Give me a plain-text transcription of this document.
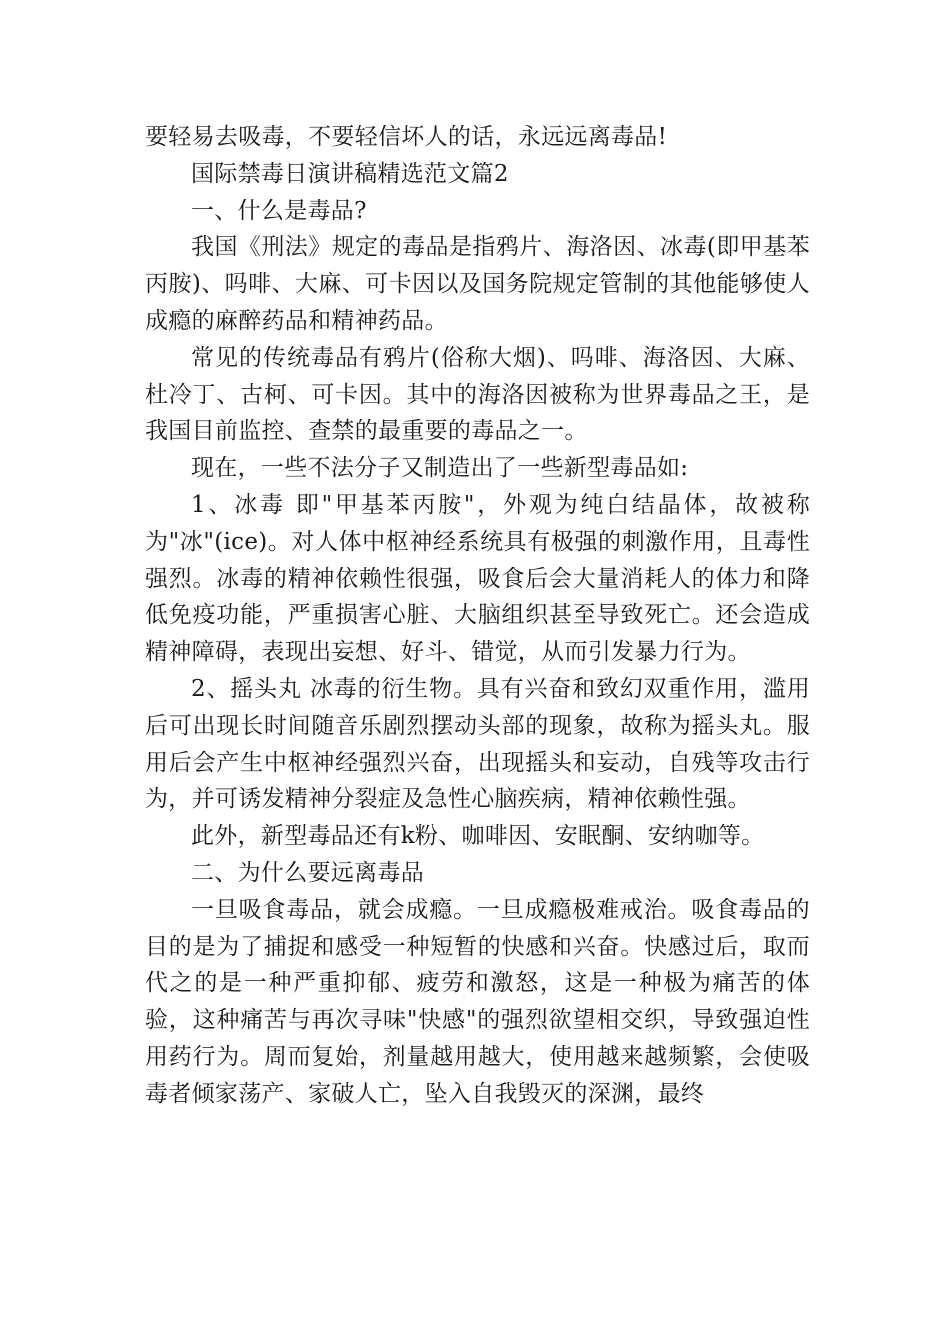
要轻易去吸毒，不要轻信坏人的话，永远远离毒品!

国际禁毒日演讲稿精选范文篇2

一、什么是毒品?

我国《刑法》规定的毒品是指鸦片、海洛因、冰毒(即甲基苯丙胺)、吗啡、大麻、可卡因以及国务院规定管制的其他能够使人成瘾的麻醉药品和精神药品。

常见的传统毒品有鸦片(俗称大烟)、吗啡、海洛因、大麻、杜冷丁、古柯、可卡因。其中的海洛因被称为世界毒品之王，是我国目前监控、查禁的最重要的毒品之一。

现在，一些不法分子又制造出了一些新型毒品如:

1、冰毒 即"甲基苯丙胺"，外观为纯白结晶体，故被称为"冰"(ice)。对人体中枢神经系统具有极强的刺激作用，且毒性强烈。冰毒的精神依赖性很强，吸食后会大量消耗人的体力和降低免疫功能，严重损害心脏、大脑组织甚至导致死亡。还会造成精神障碍，表现出妄想、好斗、错觉，从而引发暴力行为。

2、摇头丸 冰毒的衍生物。具有兴奋和致幻双重作用，滥用后可出现长时间随音乐剧烈摆动头部的现象，故称为摇头丸。服用后会产生中枢神经强烈兴奋，出现摇头和妄动，自残等攻击行为，并可诱发精神分裂症及急性心脑疾病，精神依赖性强。

此外，新型毒品还有k粉、咖啡因、安眠酮、安纳咖等。

二、为什么要远离毒品

一旦吸食毒品，就会成瘾。一旦成瘾极难戒治。吸食毒品的目的是为了捕捉和感受一种短暂的快感和兴奋。快感过后，取而代之的是一种严重抑郁、疲劳和激怒，这是一种极为痛苦的体验，这种痛苦与再次寻味"快感"的强烈欲望相交织，导致强迫性用药行为。周而复始，剂量越用越大，使用越来越频繁，会使吸毒者倾家荡产、家破人亡，坠入自我毁灭的深渊，最终
